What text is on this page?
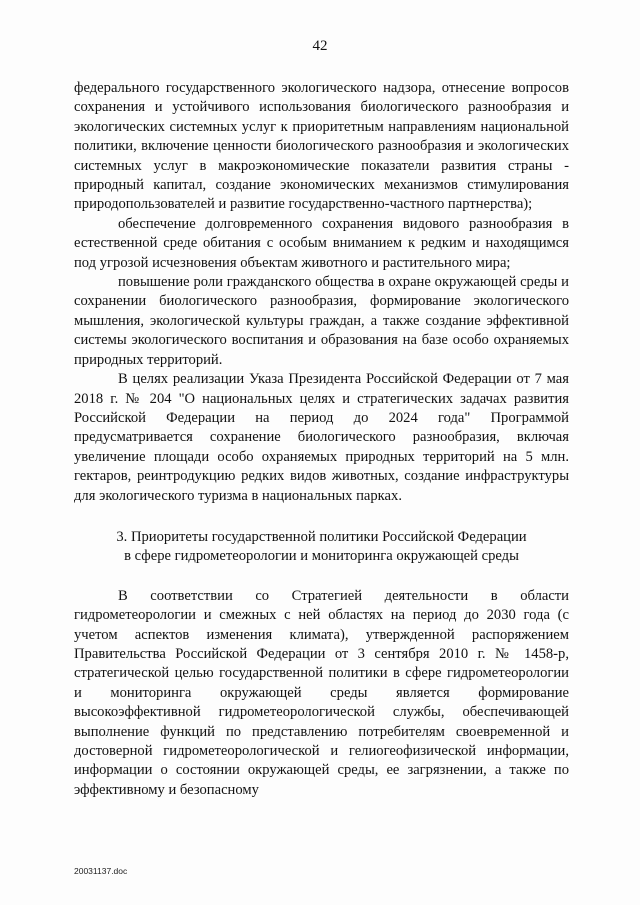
42

федерального государственного экологического надзора, отнесение вопросов сохранения и устойчивого использования биологического разнообразия и экологических системных услуг к приоритетным направлениям национальной политики, включение ценности биологического разнообразия и экологических системных услуг в макроэкономические показатели развития страны - природный капитал, создание экономических механизмов стимулирования природопользователей и развитие государственно-частного партнерства);

обеспечение долговременного сохранения видового разнообразия в естественной среде обитания с особым вниманием к редким и находящимся под угрозой исчезновения объектам животного и растительного мира;

повышение роли гражданского общества в охране окружающей среды и сохранении биологического разнообразия, формирование экологического мышления, экологической культуры граждан, а также создание эффективной системы экологического воспитания и образования на базе особо охраняемых природных территорий.

В целях реализации Указа Президента Российской Федерации от 7 мая 2018 г. № 204 "О национальных целях и стратегических задачах развития Российской Федерации на период до 2024 года" Программой предусматривается сохранение биологического разнообразия, включая увеличение площади особо охраняемых природных территорий на 5 млн. гектаров, реинтродукцию редких видов животных, создание инфраструктуры для экологического туризма в национальных парках.

3. Приоритеты государственной политики Российской Федерации
в сфере гидрометеорологии и мониторинга окружающей среды

В соответствии со Стратегией деятельности в области гидрометеорологии и смежных с ней областях на период до 2030 года (с учетом аспектов изменения климата), утвержденной распоряжением Правительства Российской Федерации от 3 сентября 2010 г. № 1458-р, стратегической целью государственной политики в сфере гидрометеорологии и мониторинга окружающей среды является формирование высокоэффективной гидрометеорологической службы, обеспечивающей выполнение функций по представлению потребителям своевременной и достоверной гидрометеорологической и гелиогеофизической информации, информации о состоянии окружающей среды, ее загрязнении, а также по эффективному и безопасному

20031137.doc
